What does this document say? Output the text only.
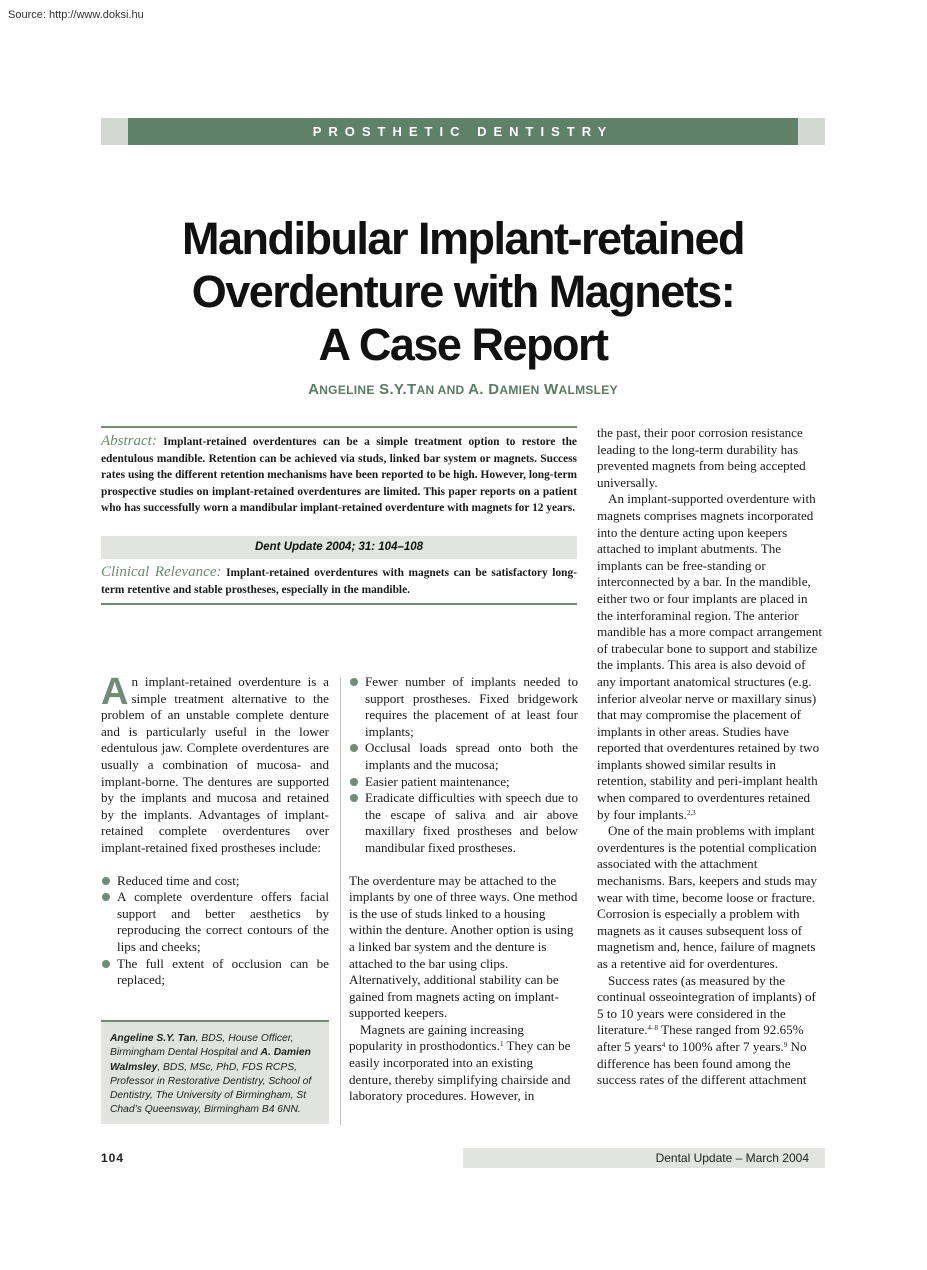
Source: http://www.doksi.hu
PROSTHETIC DENTISTRY
Mandibular Implant-retained
Overdenture with Magnets:
A Case Report
ANGELINE S.Y.TAN AND A. DAMIEN WALMSLEY
Abstract: Implant-retained overdentures can be a simple treatment option to restore the edentulous mandible. Retention can be achieved via studs, linked bar system or magnets. Success rates using the different retention mechanisms have been reported to be high. However, long-term prospective studies on implant-retained overdentures are limited. This paper reports on a patient who has successfully worn a mandibular implant-retained overdenture with magnets for 12 years.
Dent Update 2004; 31: 104–108
Clinical Relevance: Implant-retained overdentures with magnets can be satisfactory long-term retentive and stable prostheses, especially in the mandible.

An implant-retained overdenture is a simple treatment alternative to the problem of an unstable complete denture and is particularly useful in the lower edentulous jaw. Complete overdentures are usually a combination of mucosa- and implant-borne. The dentures are supported by the implants and mucosa and retained by the implants. Advantages of implant-retained complete overdentures over implant-retained fixed prostheses include:

Reduced time and cost;
A complete overdenture offers facial support and better aesthetics by reproducing the correct contours of the lips and cheeks;
The full extent of occlusion can be replaced;
Angeline S.Y. Tan, BDS, House Officer, Birmingham Dental Hospital and A. Damien Walmsley, BDS, MSc, PhD, FDS RCPS, Professor in Restorative Dentistry, School of Dentistry, The University of Birmingham, St Chad’s Queensway, Birmingham B4 6NN.
Fewer number of implants needed to support prostheses. Fixed bridgework requires the placement of at least four implants;
Occlusal loads spread onto both the implants and the mucosa;
Easier patient maintenance;
Eradicate difficulties with speech due to the escape of saliva and air above maxillary fixed prostheses and below mandibular fixed prostheses.

The overdenture may be attached to the implants by one of three ways. One method is the use of studs linked to a housing within the denture. Another option is using a linked bar system and the denture is attached to the bar using clips. Alternatively, additional stability can be gained from magnets acting on implant-supported keepers.

Magnets are gaining increasing popularity in prosthodontics.$^1$ They can be easily incorporated into an existing denture, thereby simplifying chairside and laboratory procedures. However, in

the past, their poor corrosion resistance leading to the long-term durability has prevented magnets from being accepted universally.

An implant-supported overdenture with magnets comprises magnets incorporated into the denture acting upon keepers attached to implant abutments. The implants can be free-standing or interconnected by a bar. In the mandible, either two or four implants are placed in the interforaminal region. The anterior mandible has a more compact arrangement of trabecular bone to support and stabilize the implants. This area is also devoid of any important anatomical structures (e.g. inferior alveolar nerve or maxillary sinus) that may compromise the placement of implants in other areas. Studies have reported that overdentures retained by two implants showed similar results in retention, stability and peri-implant health when compared to overdentures retained by four implants.$^{2,3}$

One of the main problems with implant overdentures is the potential complication associated with the attachment mechanisms. Bars, keepers and studs may wear with time, become loose or fracture. Corrosion is especially a problem with magnets as it causes subsequent loss of magnetism and, hence, failure of magnets as a retentive aid for overdentures.

Success rates (as measured by the continual osseointegration of implants) of 5 to 10 years were considered in the literature.$^{4-8}$ These ranged from 92.65% after 5 years$^4$ to 100% after 7 years.$^9$ No difference has been found among the success rates of the different attachment

104	Dental Update – March 2004
